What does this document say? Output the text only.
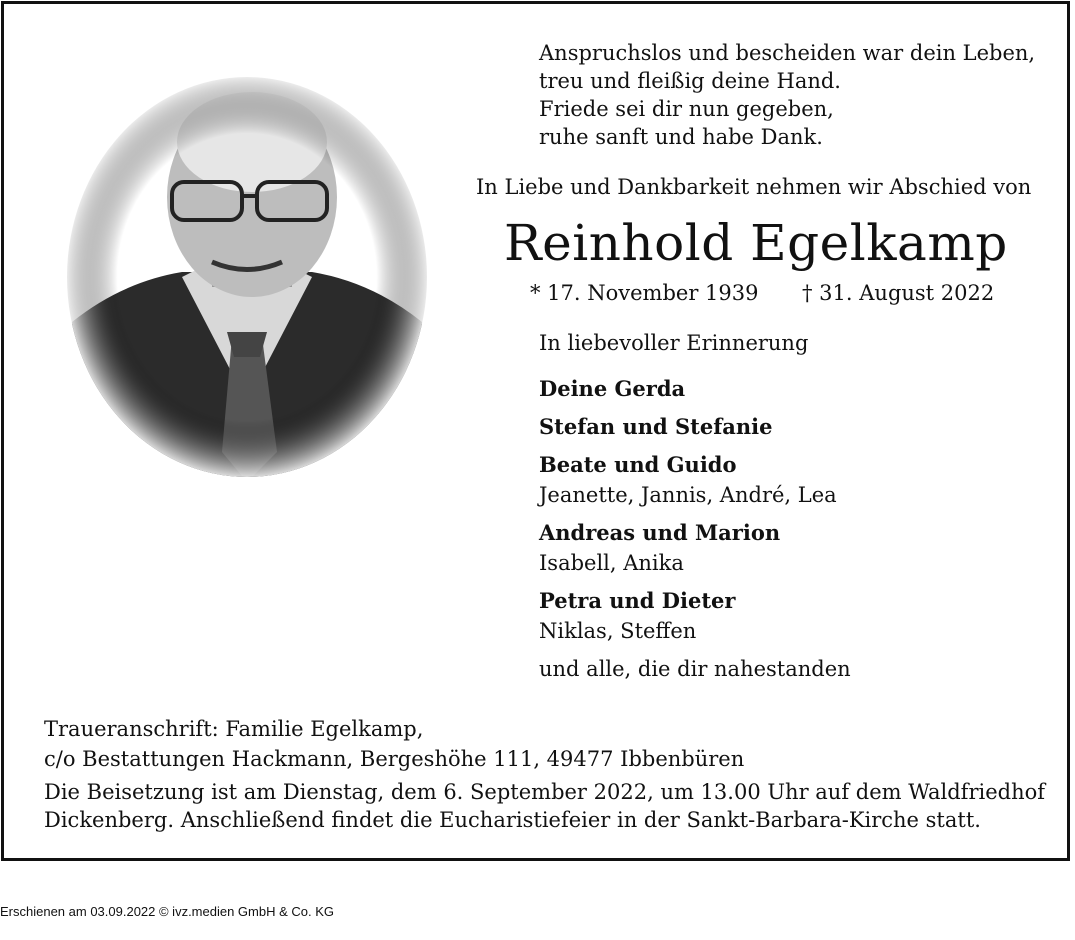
Anspruchslos und bescheiden war dein Leben,
treu und fleißig deine Hand.
Friede sei dir nun gegeben,
ruhe sanft und habe Dank.
In Liebe und Dankbarkeit nehmen wir Abschied von
Reinhold Egelkamp
* 17. November 1939 † 31. August 2022
In liebevoller Erinnerung
Deine Gerda
Stefan und Stefanie
Beate und Guido
Jeanette, Jannis, André, Lea
Andreas und Marion
Isabell, Anika
Petra und Dieter
Niklas, Steffen
und alle, die dir nahestanden
Traueranschrift: Familie Egelkamp,
c/o Bestattungen Hackmann, Bergeshöhe 111, 49477 Ibbenbüren
Die Beisetzung ist am Dienstag, dem 6. September 2022, um 13.00 Uhr auf dem Waldfriedhof
Dickenberg. Anschließend findet die Eucharistiefeier in der Sankt-Barbara-Kirche statt.
Erschienen am 03.09.2022 © ivz.medien GmbH & Co. KG
